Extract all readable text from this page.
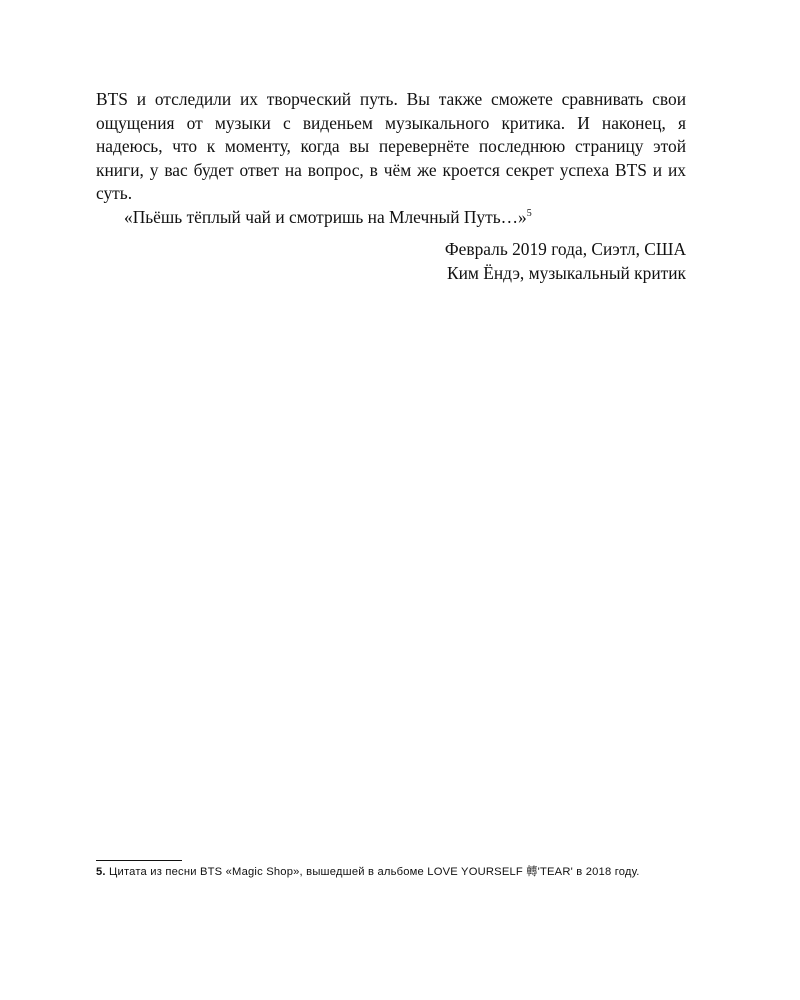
BTS и отследили их творческий путь. Вы также сможете сравнивать свои ощущения от музыки с виденьем музыкального критика. И наконец, я надеюсь, что к моменту, когда вы перевернёте последнюю страницу этой книги, у вас будет ответ на вопрос, в чём же кроется секрет успеха BTS и их суть.

«Пьёшь тёплый чай и смотришь на Млечный Путь…»$^5$

Февраль 2019 года, Сиэтл, США
Ким Ёндэ, музыкальный критик
5. Цитата из песни BTS «Magic Shop», вышедшей в альбоме LOVE YOURSELF 轉'TEAR' в 2018 году.
